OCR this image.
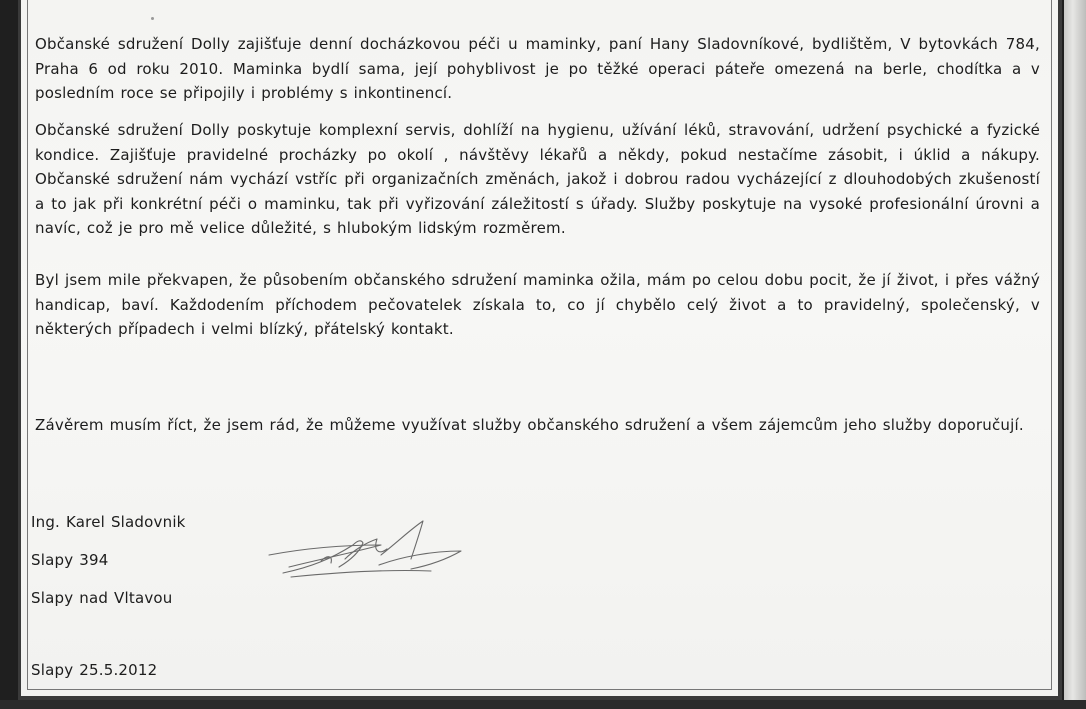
Občanské sdružení Dolly zajišťuje denní docházkovou péči u maminky, paní Hany Sladovníkové, bydlištěm, V bytovkách 784, Praha 6 od roku 2010. Maminka bydlí sama, její pohyblivost je po těžké operaci páteře omezená na berle, chodítka a v posledním roce se připojily i problémy s inkontinencí.

Občanské sdružení Dolly poskytuje komplexní servis, dohlíží na hygienu, užívání léků, stravování, udržení psychické a fyzické kondice. Zajišťuje pravidelné procházky po okolí , návštěvy lékařů a někdy, pokud nestačíme zásobit, i úklid a nákupy. Občanské sdružení nám vychází vstříc při organizačních změnách, jakož i dobrou radou vycházející z dlouhodobých zkušeností a to jak při konkrétní péči o maminku, tak při vyřizování záležitostí s úřady. Služby poskytuje na vysoké profesionální úrovni a navíc, což je pro mě velice důležité, s hlubokým lidským rozměrem.

Byl jsem mile překvapen, že působením občanského sdružení maminka ožila, mám po celou dobu pocit, že jí život, i přes vážný handicap, baví. Každodením příchodem pečovatelek získala to, co jí chybělo celý život a to pravidelný, společenský, v některých případech i velmi blízký, přátelský kontakt.

Závěrem musím říct, že jsem rád, že můžeme využívat služby občanského sdružení a všem zájemcům jeho služby doporučují.

Ing. Karel Sladovnik
Slapy 394
Slapy nad Vltavou
Slapy 25.5.2012
